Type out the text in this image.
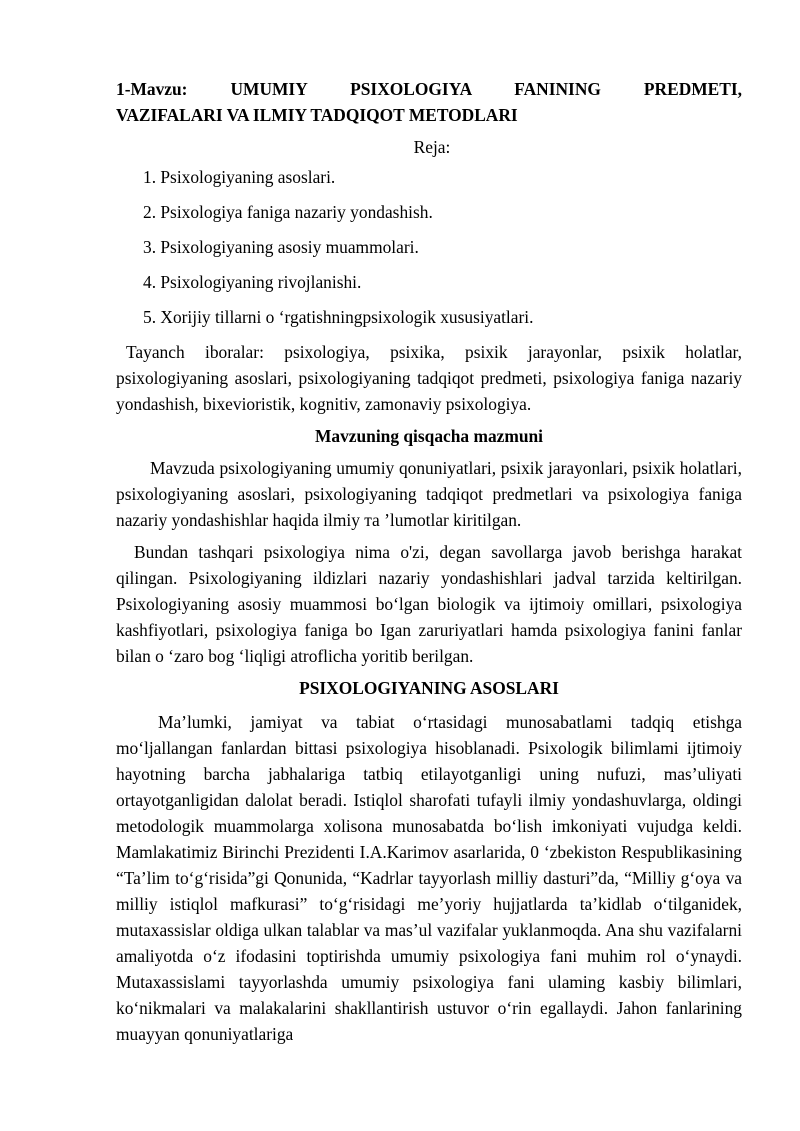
1-Mavzu: UMUMIY PSIXOLOGIYA FANINING PREDMETI,
VAZIFALARI VA ILMIY TADQIQOT METODLARI

Reja:
1. Psixologiyaning asoslari.
2. Psixologiya faniga nazariy yondashish.
3. Psixologiyaning asosiy muammolari.
4. Psixologiyaning rivojlanishi.
5. Xorijiy tillarni o ‘rgatishningpsixologik xususiyatlari.

Tayanch iboralar: psixologiya, psixika, psixik jarayonlar, psixik holatlar, psixologiyaning asoslari, psixologiyaning tadqiqot predmeti, psixologiya faniga nazariy yondashish, bixevioristik, kognitiv, zamonaviy psixologiya.

Mavzuning qisqacha mazmuni

Mavzuda psixologiyaning umumiy qonuniyatlari, psixik jarayonlari, psixik holatlari, psixologiyaning asoslari, psixologiyaning tadqiqot predmetlari va psixologiya faniga nazariy yondashishlar haqida ilmiy та ’lumotlar kiritilgan.

Bundan tashqari psixologiya nima o'zi, degan savollarga javob berishga harakat qilingan. Psixologiyaning ildizlari nazariy yondashishlari jadval tarzida keltirilgan. Psixologiyaning asosiy muammosi bo‘lgan biologik va ijtimoiy omillari, psixologiya kashfiyotlari, psixologiya faniga bo Igan zaruriyatlari hamda psixologiya fanini fanlar bilan o ‘zaro bog ‘liqligi atroflicha yoritib berilgan.

PSIXOLOGIYANING ASOSLARI

Ma’lumki, jamiyat va tabiat o‘rtasidagi munosabatlami tadqiq etishga mo‘ljallangan fanlardan bittasi psixologiya hisoblanadi. Psixologik bilimlami ijtimoiy hayotning barcha jabhalariga tatbiq etilayotganligi uning nufuzi, mas’uliyati ortayotganligidan dalolat beradi. Istiqlol sharofati tufayli ilmiy yondashuvlarga, oldingi metodologik muammolarga xolisona munosabatda bo‘lish imkoniyati vujudga keldi. Mamlakatimiz Birinchi Prezidenti I.A.Karimov asarlarida, 0 ‘zbekiston Respublikasining “Ta’lim to‘g‘risida”gi Qonunida, “Kadrlar tayyorlash milliy dasturi”da, “Milliy g‘oya va milliy istiqlol mafkurasi” to‘g‘risidagi me’yoriy hujjatlarda ta’kidlab o‘tilganidek, mutaxassislar oldiga ulkan talablar va mas’ul vazifalar yuklanmoqda. Ana shu vazifalarni amaliyotda o‘z ifodasini toptirishda umumiy psixologiya fani muhim rol o‘ynaydi. Mutaxassislami tayyorlashda umumiy psixologiya fani ulaming kasbiy bilimlari, ko‘nikmalari va malakalarini shakllantirish ustuvor o‘rin egallaydi. Jahon fanlarining muayyan qonuniyatlariga
